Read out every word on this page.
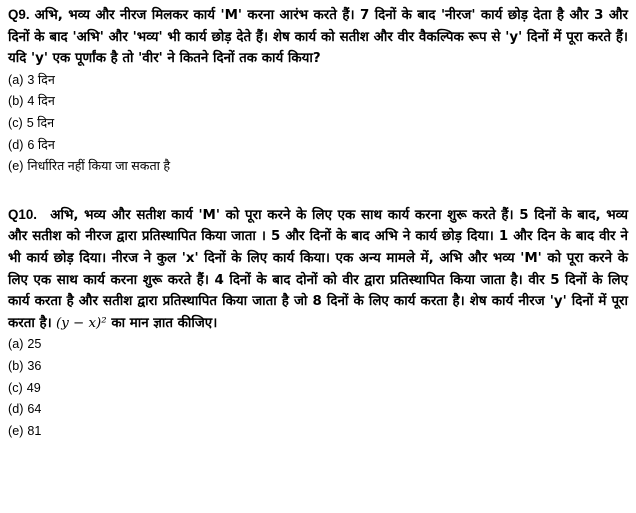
Q9. अभि, भव्य और नीरज मिलकर कार्य 'M' करना आरंभ करते हैं। 7 दिनों के बाद 'नीरज' कार्य छोड़ देता है और 3 और दिनों के बाद 'अभि' और 'भव्य' भी कार्य छोड़ देते हैं। शेष कार्य को सतीश और वीर वैकल्पिक रूप से 'y' दिनों में पूरा करते हैं। यदि 'y' एक पूर्णांक है तो 'वीर' ने कितने दिनों तक कार्य किया?

(a) 3 दिन
(b) 4 दिन
(c) 5 दिन
(d) 6 दिन
(e) निर्धारित नहीं किया जा सकता है

Q10. अभि, भव्य और सतीश कार्य 'M' को पूरा करने के लिए एक साथ कार्य करना शुरू करते हैं। 5 दिनों के बाद, भव्य और सतीश को नीरज द्वारा प्रतिस्थापित किया जाता । 5 और दिनों के बाद अभि ने कार्य छोड़ दिया। 1 और दिन के बाद वीर ने भी कार्य छोड़ दिया। नीरज ने कुल 'x' दिनों के लिए कार्य किया। एक अन्य मामले में, अभि और भव्य 'M' को पूरा करने के लिए एक साथ कार्य करना शुरू करते हैं। 4 दिनों के बाद दोनों को वीर द्वारा प्रतिस्थापित किया जाता है। वीर 5 दिनों के लिए कार्य करता है और सतीश द्वारा प्रतिस्थापित किया जाता है जो 8 दिनों के लिए कार्य करता है। शेष कार्य नीरज 'y' दिनों में पूरा करता है। (y − x)² का मान ज्ञात कीजिए।

(a) 25
(b) 36
(c) 49
(d) 64
(e) 81
